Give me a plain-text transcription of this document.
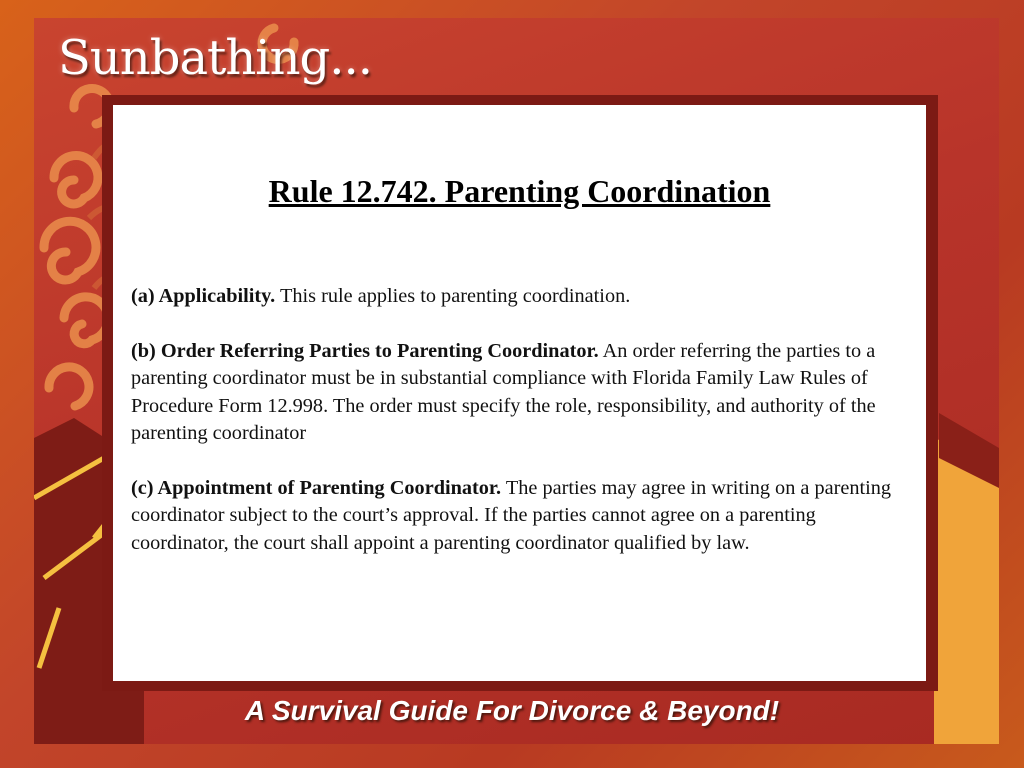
Sunbathing...
Rule 12.742. Parenting Coordination

(a) Applicability. This rule applies to parenting coordination.

(b) Order Referring Parties to Parenting Coordinator. An order referring the parties to a parenting coordinator must be in substantial compliance with Florida Family Law Rules of Procedure Form 12.998. The order must specify the role, responsibility, and authority of the parenting coordinator

(c) Appointment of Parenting Coordinator. The parties may agree in writing on a parenting coordinator subject to the court’s approval. If the parties cannot agree on a parenting coordinator, the court shall appoint a parenting coordinator qualified by law.

A Survival Guide For Divorce & Beyond!
